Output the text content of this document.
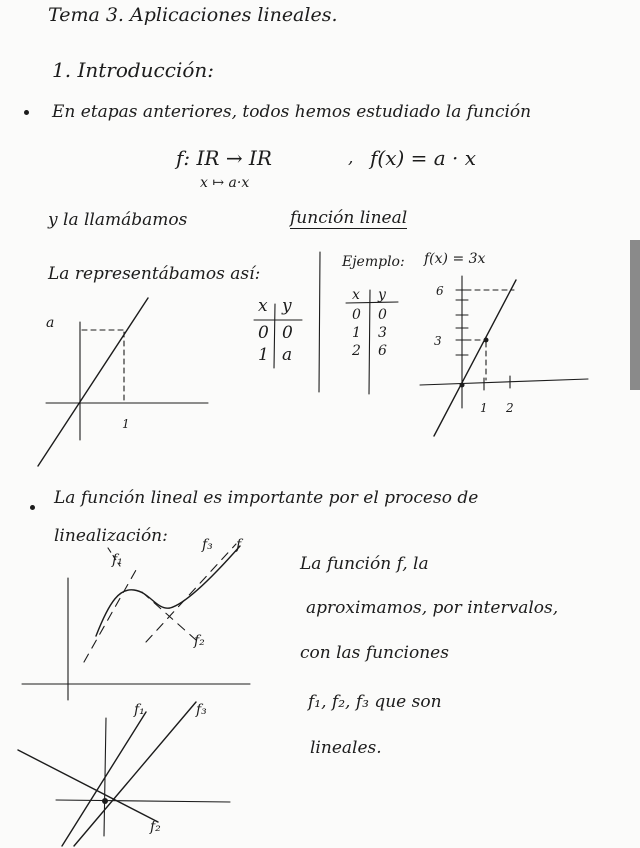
Tema 3. Aplicaciones lineales.
1. Introducción:
En etapas anteriores, todos hemos estudiado la función
f: IR → IR
x ↦ a·x
, f(x) = a · x
y la llamábamos	función lineal
La representábamos así:
a
1
x y
0 0
1 a
Ejemplo: f(x) = 3x
x y
0 0
1 3
2 6
3
6
1 2
La función lineal es importante por el proceso de
linealización:
f₁
f₂
f₃ f
La función f, la
aproximamos, por intervalos,
con las funciones
f₁, f₂, f₃ que son
lineales.
f₁	f₃
f₂
